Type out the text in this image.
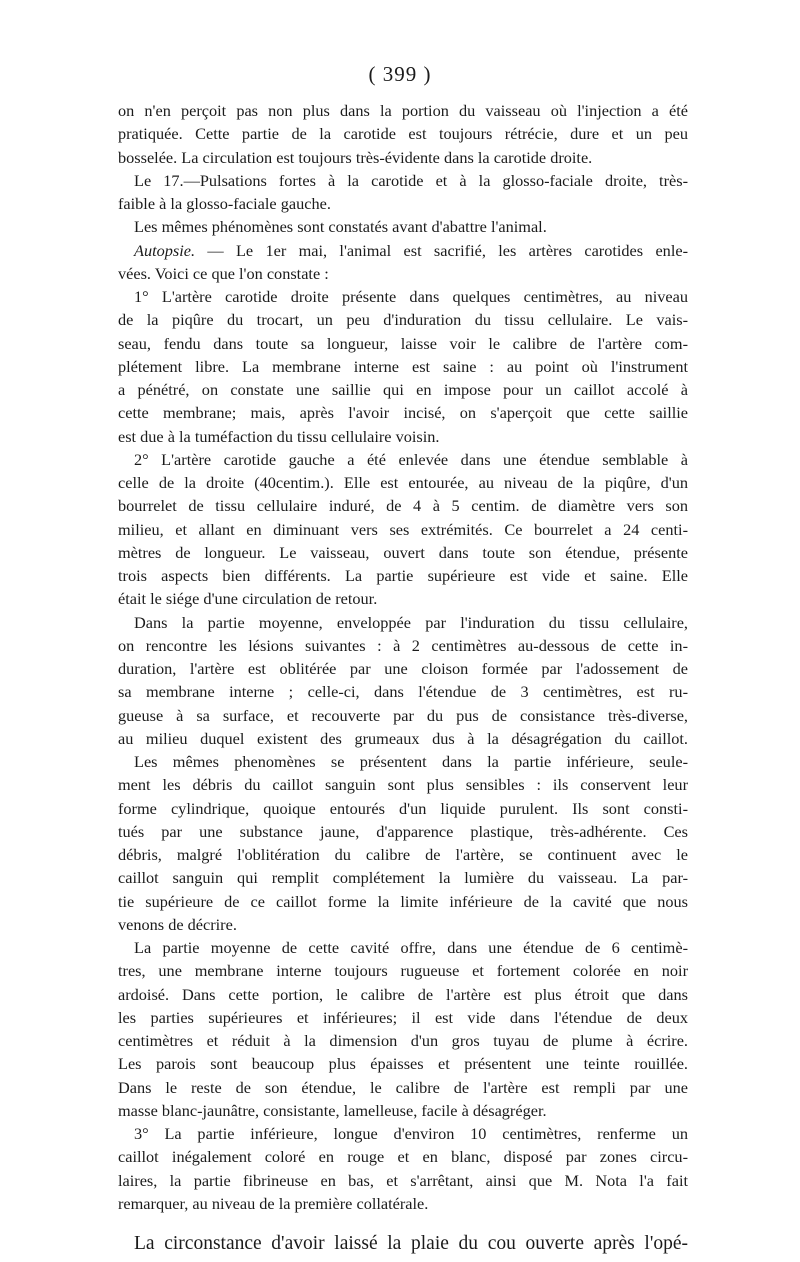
( 399 )
on n'en perçoit pas non plus dans la portion du vaisseau où l'injection a été
pratiquée. Cette partie de la carotide est toujours rétrécie, dure et un peu
bosselée. La circulation est toujours très-évidente dans la carotide droite.
Le 17.—Pulsations fortes à la carotide et à la glosso-faciale droite, très-
faible à la glosso-faciale gauche.
Les mêmes phénomènes sont constatés avant d'abattre l'animal.
Autopsie. — Le 1er mai, l'animal est sacrifié, les artères carotides enle-
vées. Voici ce que l'on constate :
1° L'artère carotide droite présente dans quelques centimètres, au niveau
de la piqûre du trocart, un peu d'induration du tissu cellulaire. Le vais-
seau, fendu dans toute sa longueur, laisse voir le calibre de l'artère com-
plétement libre. La membrane interne est saine : au point où l'instrument
a pénétré, on constate une saillie qui en impose pour un caillot accolé à
cette membrane; mais, après l'avoir incisé, on s'aperçoit que cette saillie
est due à la tuméfaction du tissu cellulaire voisin.
2° L'artère carotide gauche a été enlevée dans une étendue semblable à
celle de la droite (40centim.). Elle est entourée, au niveau de la piqûre, d'un
bourrelet de tissu cellulaire induré, de 4 à 5 centim. de diamètre vers son
milieu, et allant en diminuant vers ses extrémités. Ce bourrelet a 24 centi-
mètres de longueur. Le vaisseau, ouvert dans toute son étendue, présente
trois aspects bien différents. La partie supérieure est vide et saine. Elle
était le siége d'une circulation de retour.
Dans la partie moyenne, enveloppée par l'induration du tissu cellulaire,
on rencontre les lésions suivantes : à 2 centimètres au-dessous de cette in-
duration, l'artère est oblitérée par une cloison formée par l'adossement de
sa membrane interne ; celle-ci, dans l'étendue de 3 centimètres, est ru-
gueuse à sa surface, et recouverte par du pus de consistance très-diverse,
au milieu duquel existent des grumeaux dus à la désagrégation du caillot.
Les mêmes phenomènes se présentent dans la partie inférieure, seule-
ment les débris du caillot sanguin sont plus sensibles : ils conservent leur
forme cylindrique, quoique entourés d'un liquide purulent. Ils sont consti-
tués par une substance jaune, d'apparence plastique, très-adhérente. Ces
débris, malgré l'oblitération du calibre de l'artère, se continuent avec le
caillot sanguin qui remplit complétement la lumière du vaisseau. La par-
tie supérieure de ce caillot forme la limite inférieure de la cavité que nous
venons de décrire.
La partie moyenne de cette cavité offre, dans une étendue de 6 centimè-
tres, une membrane interne toujours rugueuse et fortement colorée en noir
ardoisé. Dans cette portion, le calibre de l'artère est plus étroit que dans
les parties supérieures et inférieures; il est vide dans l'étendue de deux
centimètres et réduit à la dimension d'un gros tuyau de plume à écrire.
Les parois sont beaucoup plus épaisses et présentent une teinte rouillée.
Dans le reste de son étendue, le calibre de l'artère est rempli par une
masse blanc-jaunâtre, consistante, lamelleuse, facile à désagréger.
3° La partie inférieure, longue d'environ 10 centimètres, renferme un
caillot inégalement coloré en rouge et en blanc, disposé par zones circu-
laires, la partie fibrineuse en bas, et s'arrêtant, ainsi que M. Nota l'a fait
remarquer, au niveau de la première collatérale.
La circonstance d'avoir laissé la plaie du cou ouverte après l'opé-
